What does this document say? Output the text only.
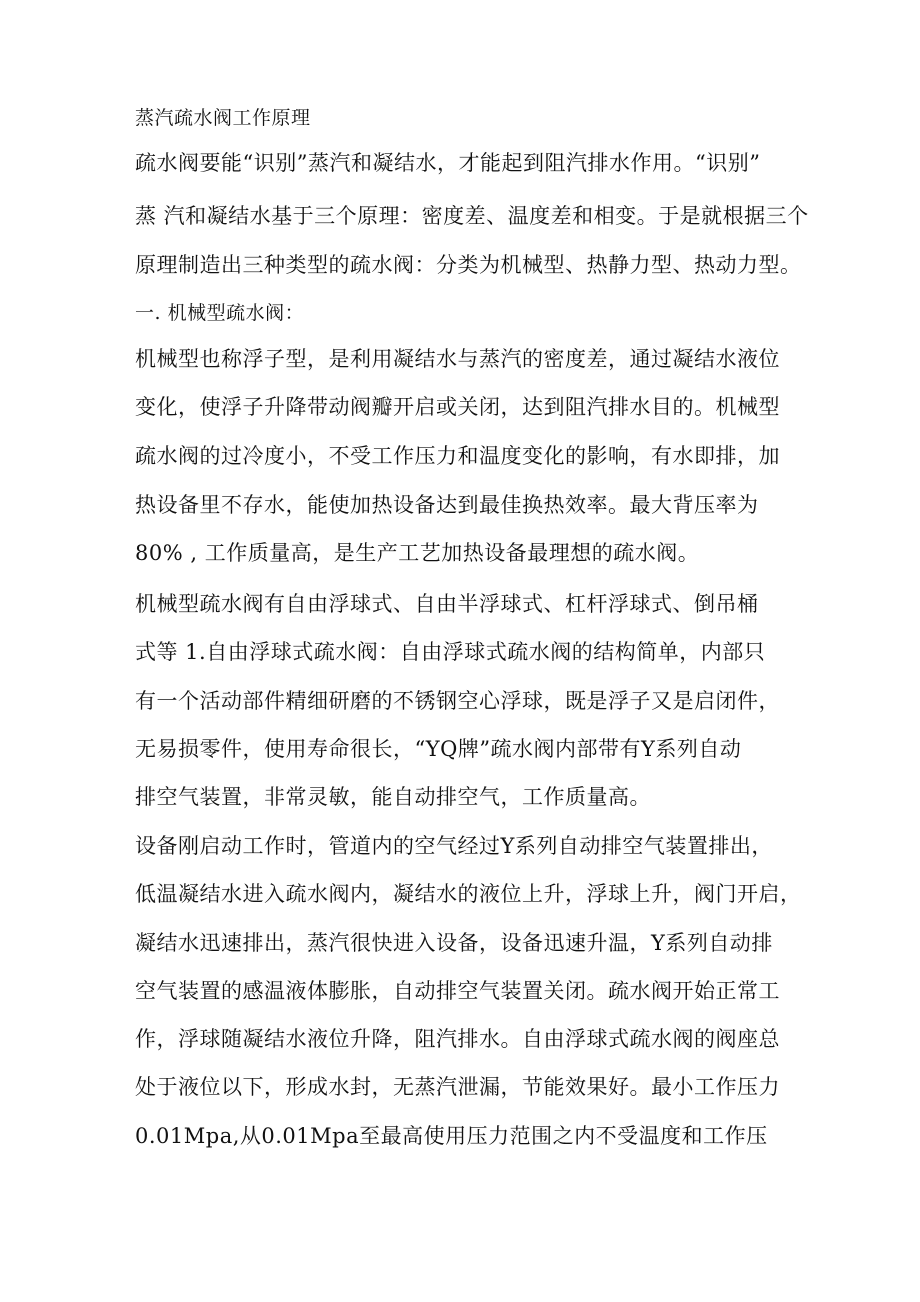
蒸汽疏水阀工作原理
疏水阀要能“识别”蒸汽和凝结水，才能起到阻汽排水作用。“识别”
蒸 汽和凝结水基于三个原理：密度差、温度差和相变。于是就根据三个
原理制造出三种类型的疏水阀：分类为机械型、热静力型、热动力型。
一. 机械型疏水阀：
机械型也称浮子型，是利用凝结水与蒸汽的密度差，通过凝结水液位
变化，使浮子升降带动阀瓣开启或关闭，达到阻汽排水目的。机械型
疏水阀的过冷度小，不受工作压力和温度变化的影响，有水即排，加
热设备里不存水，能使加热设备达到最佳换热效率。最大背压率为
80% , 工作质量高，是生产工艺加热设备最理想的疏水阀。
机械型疏水阀有自由浮球式、自由半浮球式、杠杆浮球式、倒吊桶
式等 1.自由浮球式疏水阀：自由浮球式疏水阀的结构简单，内部只
有一个活动部件精细研磨的不锈钢空心浮球，既是浮子又是启闭件，
无易损零件，使用寿命很长，“YQ牌”疏水阀内部带有Y系列自动
排空气装置，非常灵敏，能自动排空气，工作质量高。
设备刚启动工作时，管道内的空气经过Y系列自动排空气装置排出，
低温凝结水进入疏水阀内，凝结水的液位上升，浮球上升，阀门开启，
凝结水迅速排出，蒸汽很快进入设备，设备迅速升温，Y系列自动排
空气装置的感温液体膨胀，自动排空气装置关闭。疏水阀开始正常工
作，浮球随凝结水液位升降，阻汽排水。自由浮球式疏水阀的阀座总
处于液位以下，形成水封，无蒸汽泄漏，节能效果好。最小工作压力
0.01Mpa,从0.01Mpa至最高使用压力范围之内不受温度和工作压
